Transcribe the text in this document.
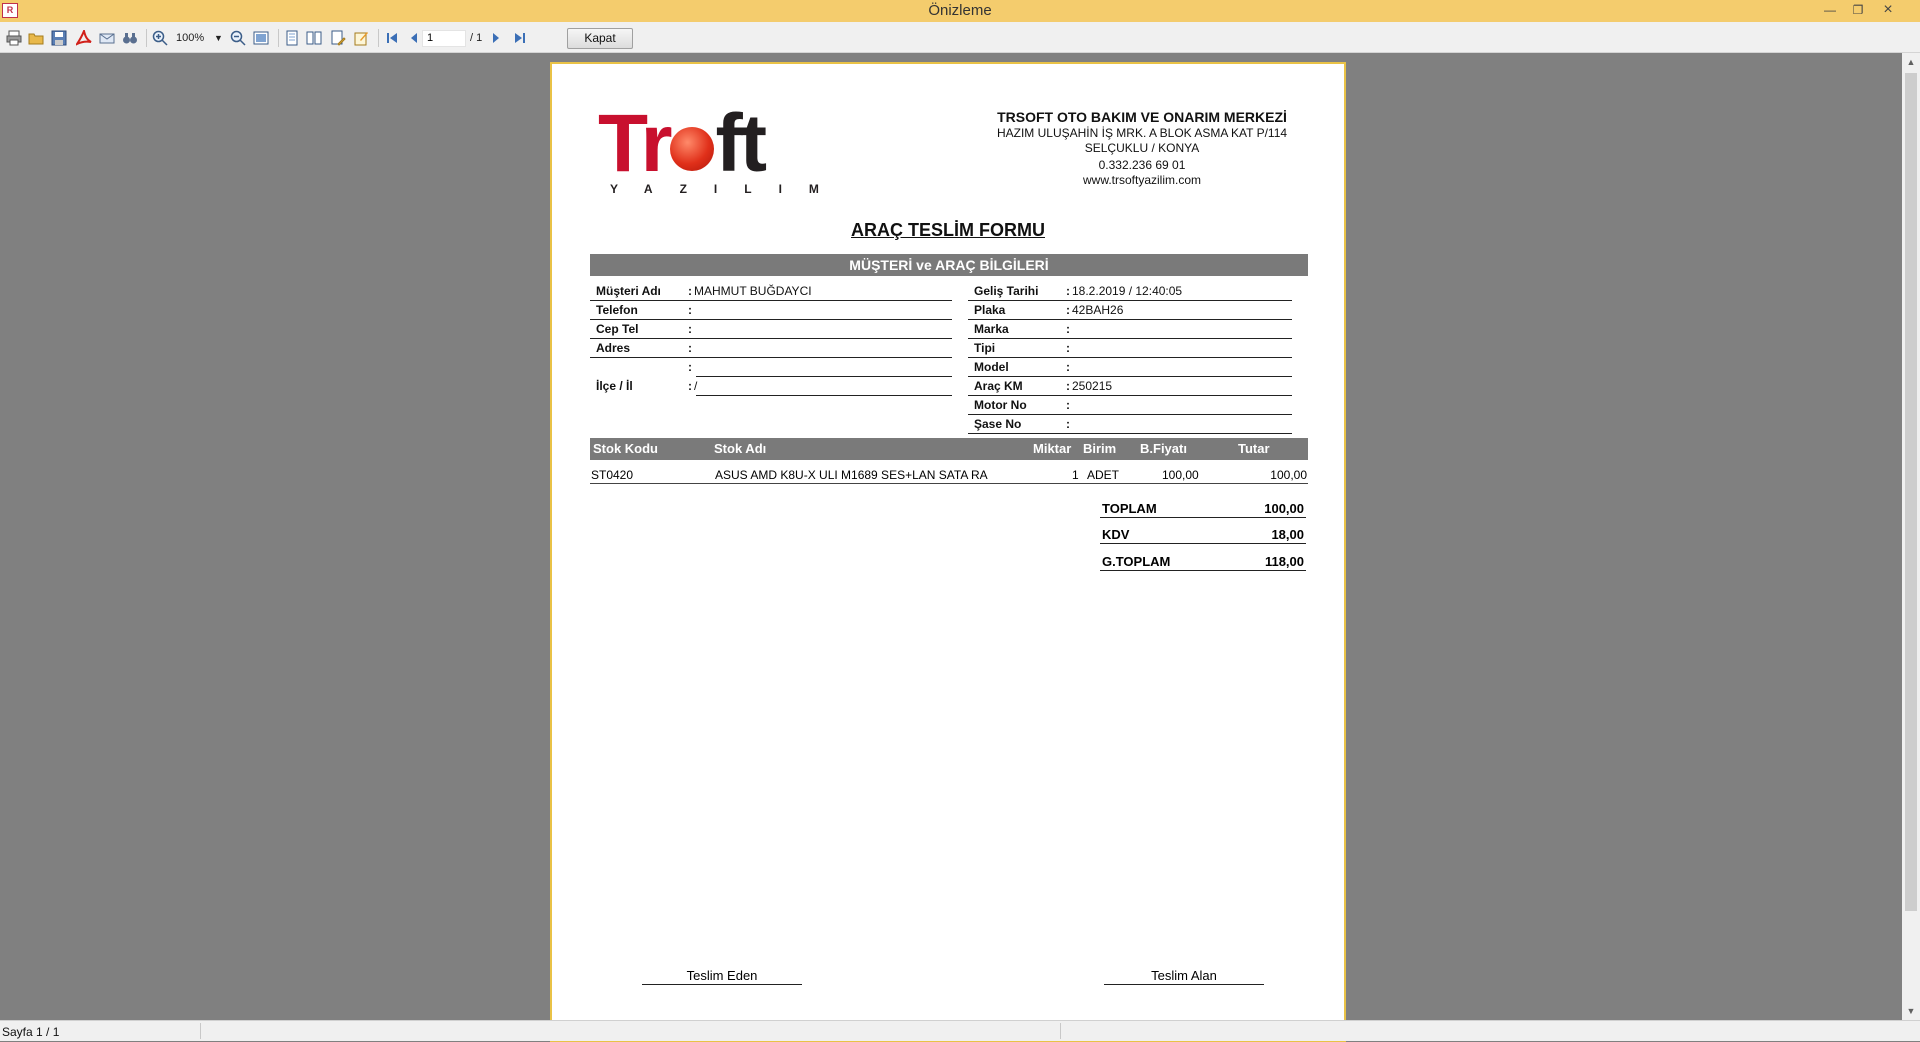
R	Önizleme	—	❐	×
100% ▼	1	/ 1	Kapat
Tr ft
YAZILIM
TRSOFT OTO BAKIM VE ONARIM MERKEZİ
HAZIM ULUŞAHİN İŞ MRK. A BLOK ASMA KAT P/114
SELÇUKLU / KONYA
0.332.236 69 01
www.trsoftyazilim.com
ARAÇ TESLİM FORMU
MÜŞTERİ ve ARAÇ BİLGİLERİ
Müşteri Adı : MAHMUT BUĞDAYCI
Telefon	:
Cep Tel	:
Adres	:
:
İlçe / İl	: /
Geliş Tarihi : 18.2.2019 / 12:40:05
Plaka	: 42BAH26
Marka	:
Tipi	:
Model	:
Araç KM	: 250215
Motor No	:
Şase No	:
Stok Kodu	Stok Adı	Miktar Birim B.Fiyatı	Tutar
ST0420	ASUS AMD K8U-X ULI M1689 SES+LAN SATA RA	1 ADET	100,00	100,00
TOPLAM	100,00
KDV	18,00
G.TOPLAM	118,00
Teslim Eden	Teslim Alan
▲
▼
Sayfa 1 / 1
